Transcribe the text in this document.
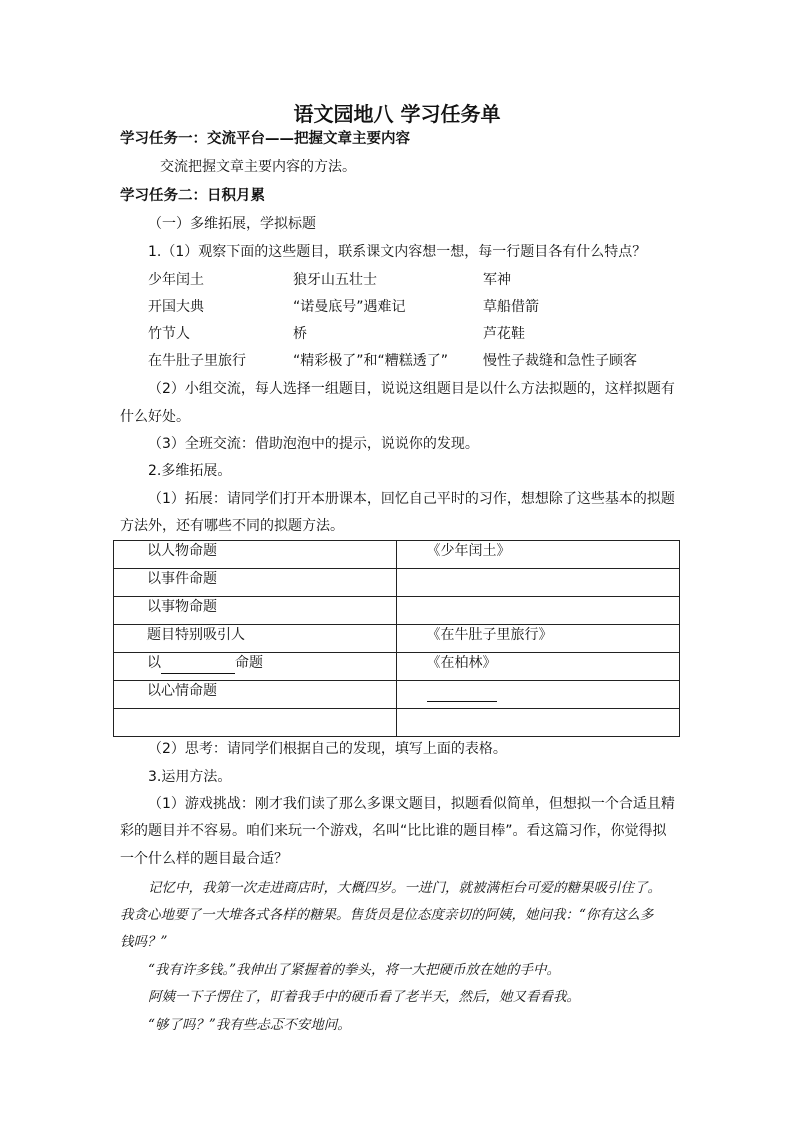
语文园地八 学习任务单
学习任务一：交流平台——把握文章主要内容
交流把握文章主要内容的方法。
学习任务二：日积月累
（一）多维拓展，学拟标题
1.（1）观察下面的这些题目，联系课文内容想一想，每一行题目各有什么特点？
少年闰土	狼牙山五壮士	军神
开国大典	“诺曼底号”遇难记	草船借箭
竹节人	桥	芦花鞋
在牛肚子里旅行	“精彩极了”和“糟糕透了” 慢性子裁缝和急性子顾客
（2）小组交流，每人选择一组题目，说说这组题目是以什么方法拟题的，这样拟题有
什么好处。
（3）全班交流：借助泡泡中的提示，说说你的发现。
2.多维拓展。
（1）拓展：请同学们打开本册课本，回忆自己平时的习作，想想除了这些基本的拟题
方法外，还有哪些不同的拟题方法。
以人物命题	《少年闰土》
以事件命题	
以事物命题	
题目特别吸引人	《在牛肚子里旅行》
以 命题	《在柏林》
以心情命题	

（2）思考：请同学们根据自己的发现，填写上面的表格。
3.运用方法。
（1）游戏挑战：刚才我们读了那么多课文题目，拟题看似简单，但想拟一个合适且精
彩的题目并不容易。咱们来玩一个游戏，名叫“比比谁的题目棒”。看这篇习作，你觉得拟
一个什么样的题目最合适？
记忆中，我第一次走进商店时，大概四岁。一进门，就被满柜台可爱的糖果吸引住了。
我贪心地要了一大堆各式各样的糖果。售货员是位态度亲切的阿姨，她问我：“你有这么多
钱吗？”
“我有许多钱。”我伸出了紧握着的拳头，将一大把硬币放在她的手中。
阿姨一下子愣住了，盯着我手中的硬币看了老半天，然后，她又看看我。
“够了吗？”我有些忐忑不安地问。
